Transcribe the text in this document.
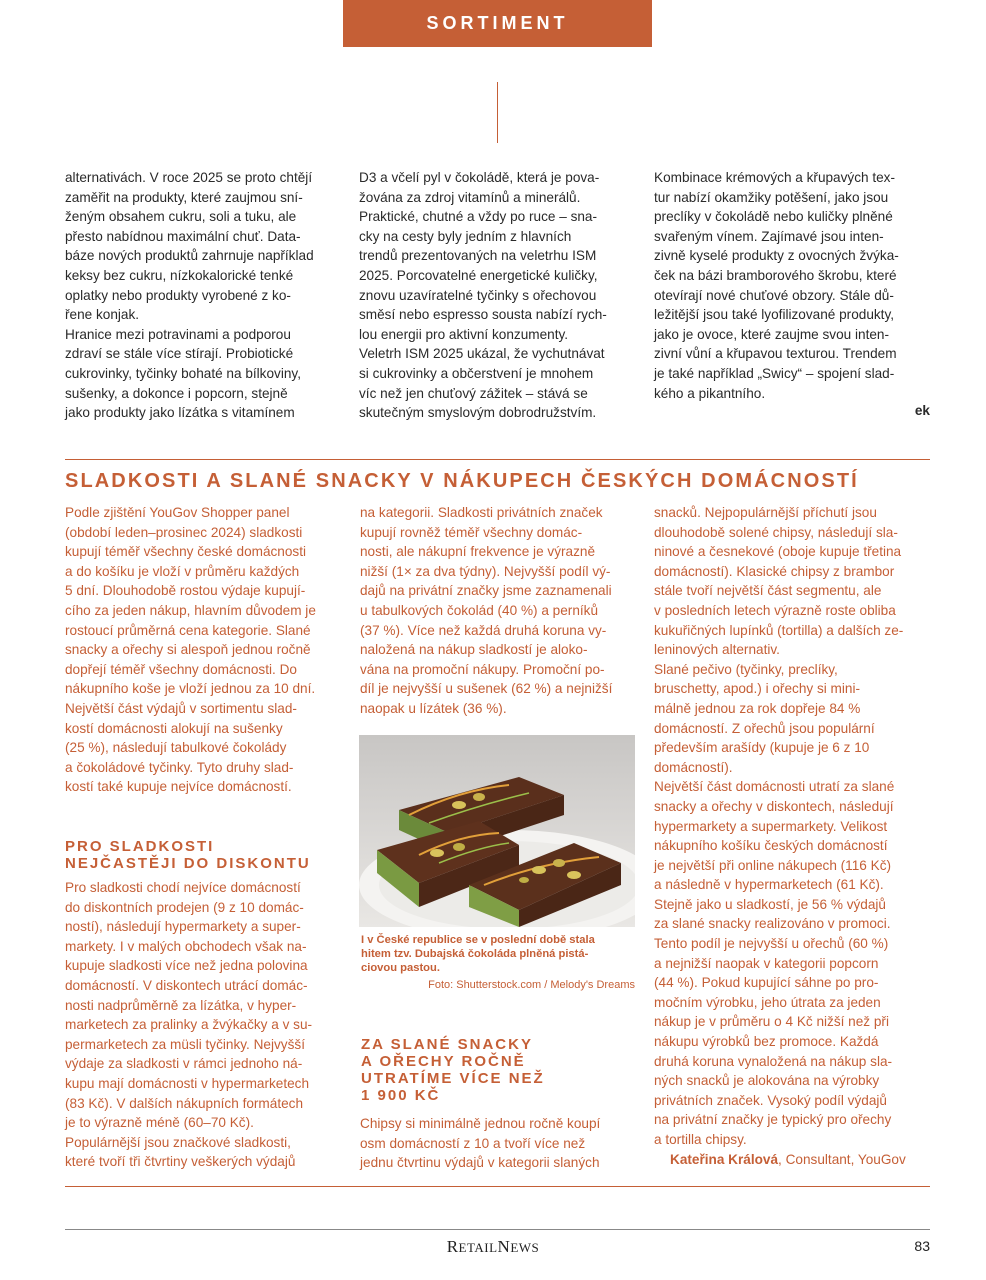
SORTIMENT
alternativách. V roce 2025 se proto chtějí
zaměřit na produkty, které zaujmou sní-
ženým obsahem cukru, soli a tuku, ale
přesto nabídnou maximální chuť. Data-
báze nových produktů zahrnuje například
keksy bez cukru, nízkokalorické tenké
oplatky nebo produkty vyrobené z ko-
řene konjak.
Hranice mezi potravinami a podporou
zdraví se stále více stírají. Probiotické
cukrovinky, tyčinky bohaté na bílkoviny,
sušenky, a dokonce i popcorn, stejně
jako produkty jako lízátka s vitamínem
D3 a včelí pyl v čokoládě, která je pova-
žována za zdroj vitamínů a minerálů.
Praktické, chutné a vždy po ruce – sna-
cky na cesty byly jedním z hlavních
trendů prezentovaných na veletrhu ISM
2025. Porcovatelné energetické kuličky,
znovu uzavíratelné tyčinky s ořechovou
směsí nebo espresso sousta nabízí rych-
lou energii pro aktivní konzumenty.
Veletrh ISM 2025 ukázal, že vychutnávat
si cukrovinky a občerstvení je mnohem
víc než jen chuťový zážitek – stává se
skutečným smyslovým dobrodružstvím.
Kombinace krémových a křupavých tex-
tur nabízí okamžiky potěšení, jako jsou
preclíky v čokoládě nebo kuličky plněné
svařeným vínem. Zajímavé jsou inten-
zivně kyselé produkty z ovocných žvýka-
ček na bázi bramborového škrobu, které
otevírají nové chuťové obzory. Stále dů-
ležitější jsou také lyofilizované produkty,
jako je ovoce, které zaujme svou inten-
zivní vůní a křupavou texturou. Trendem
je také například „Swicy“ – spojení slad-
kého a pikantního.
ek
SLADKOSTI A SLANÉ SNACKY V NÁKUPECH ČESKÝCH DOMÁCNOSTÍ
Podle zjištění YouGov Shopper panel
(období leden–prosinec 2024) sladkosti
kupují téměř všechny české domácnosti
a do košíku je vloží v průměru každých
5 dní. Dlouhodobě rostou výdaje kupují-
cího za jeden nákup, hlavním důvodem je
rostoucí průměrná cena kategorie. Slané
snacky a ořechy si alespoň jednou ročně
dopřejí téměř všechny domácnosti. Do
nákupního koše je vloží jednou za 10 dní.
Největší část výdajů v sortimentu slad-
kostí domácnosti alokují na sušenky
(25 %), následují tabulkové čokolády
a čokoládové tyčinky. Tyto druhy slad-
kostí také kupuje nejvíce domácností.
PRO SLADKOSTI
NEJČASTĚJI DO DISKONTU
Pro sladkosti chodí nejvíce domácností
do diskontních prodejen (9 z 10 domác-
ností), následují hypermarkety a super-
markety. I v malých obchodech však na-
kupuje sladkosti více než jedna polovina
domácností. V diskontech utrácí domác-
nosti nadprůměrně za lízátka, v hyper-
marketech za pralinky a žvýkačky a v su-
permarketech za müsli tyčinky. Nejvyšší
výdaje za sladkosti v rámci jednoho ná-
kupu mají domácnosti v hypermarketech
(83 Kč). V dalších nákupních formátech
je to výrazně méně (60–70 Kč).
Populárnější jsou značkové sladkosti,
které tvoří tři čtvrtiny veškerých výdajů
na kategorii. Sladkosti privátních značek
kupují rovněž téměř všechny domác-
nosti, ale nákupní frekvence je výrazně
nižší (1× za dva týdny). Nejvyšší podíl vý-
dajů na privátní značky jsme zaznamenali
u tabulkových čokolád (40 %) a perníků
(37 %). Více než každá druhá koruna vy-
naložená na nákup sladkostí je aloko-
vána na promoční nákupy. Promoční po-
díl je nejvyšší u sušenek (62 %) a nejnižší
naopak u lízátek (36 %).
I v České republice se v poslední době stala
hitem tzv. Dubajská čokoláda plněná pistá-
ciovou pastou.
Foto: Shutterstock.com / Melody's Dreams
ZA SLANÉ SNACKY
A OŘECHY ROČNĚ
UTRATÍME VÍCE NEŽ
1 900 KČ
Chipsy si minimálně jednou ročně koupí
osm domácností z 10 a tvoří více než
jednu čtvrtinu výdajů v kategorii slaných
snacků. Nejpopulárnější příchutí jsou
dlouhodobě solené chipsy, následují sla-
ninové a česnekové (oboje kupuje třetina
domácností). Klasické chipsy z brambor
stále tvoří největší část segmentu, ale
v posledních letech výrazně roste obliba
kukuřičných lupínků (tortilla) a dalších ze-
leninových alternativ.
Slané pečivo (tyčinky, preclíky,
bruschetty, apod.) i ořechy si mini-
málně jednou za rok dopřeje 84 %
domácností. Z ořechů jsou populární
především arašídy (kupuje je 6 z 10
domácností).
Největší část domácnosti utratí za slané
snacky a ořechy v diskontech, následují
hypermarkety a supermarkety. Velikost
nákupního košíku českých domácností
je největší při online nákupech (116 Kč)
a následně v hypermarketech (61 Kč).
Stejně jako u sladkostí, je 56 % výdajů
za slané snacky realizováno v promoci.
Tento podíl je nejvyšší u ořechů (60 %)
a nejnižší naopak v kategorii popcorn
(44 %). Pokud kupující sáhne po pro-
močním výrobku, jeho útrata za jeden
nákup je v průměru o 4 Kč nižší než při
nákupu výrobků bez promoce. Každá
druhá koruna vynaložená na nákup sla-
ných snacků je alokována na výrobky
privátních značek. Vysoký podíl výdajů
na privátní značky je typický pro ořechy
a tortilla chipsy.
Kateřina Králová, Consultant, YouGov
RETAILNEWS	83
